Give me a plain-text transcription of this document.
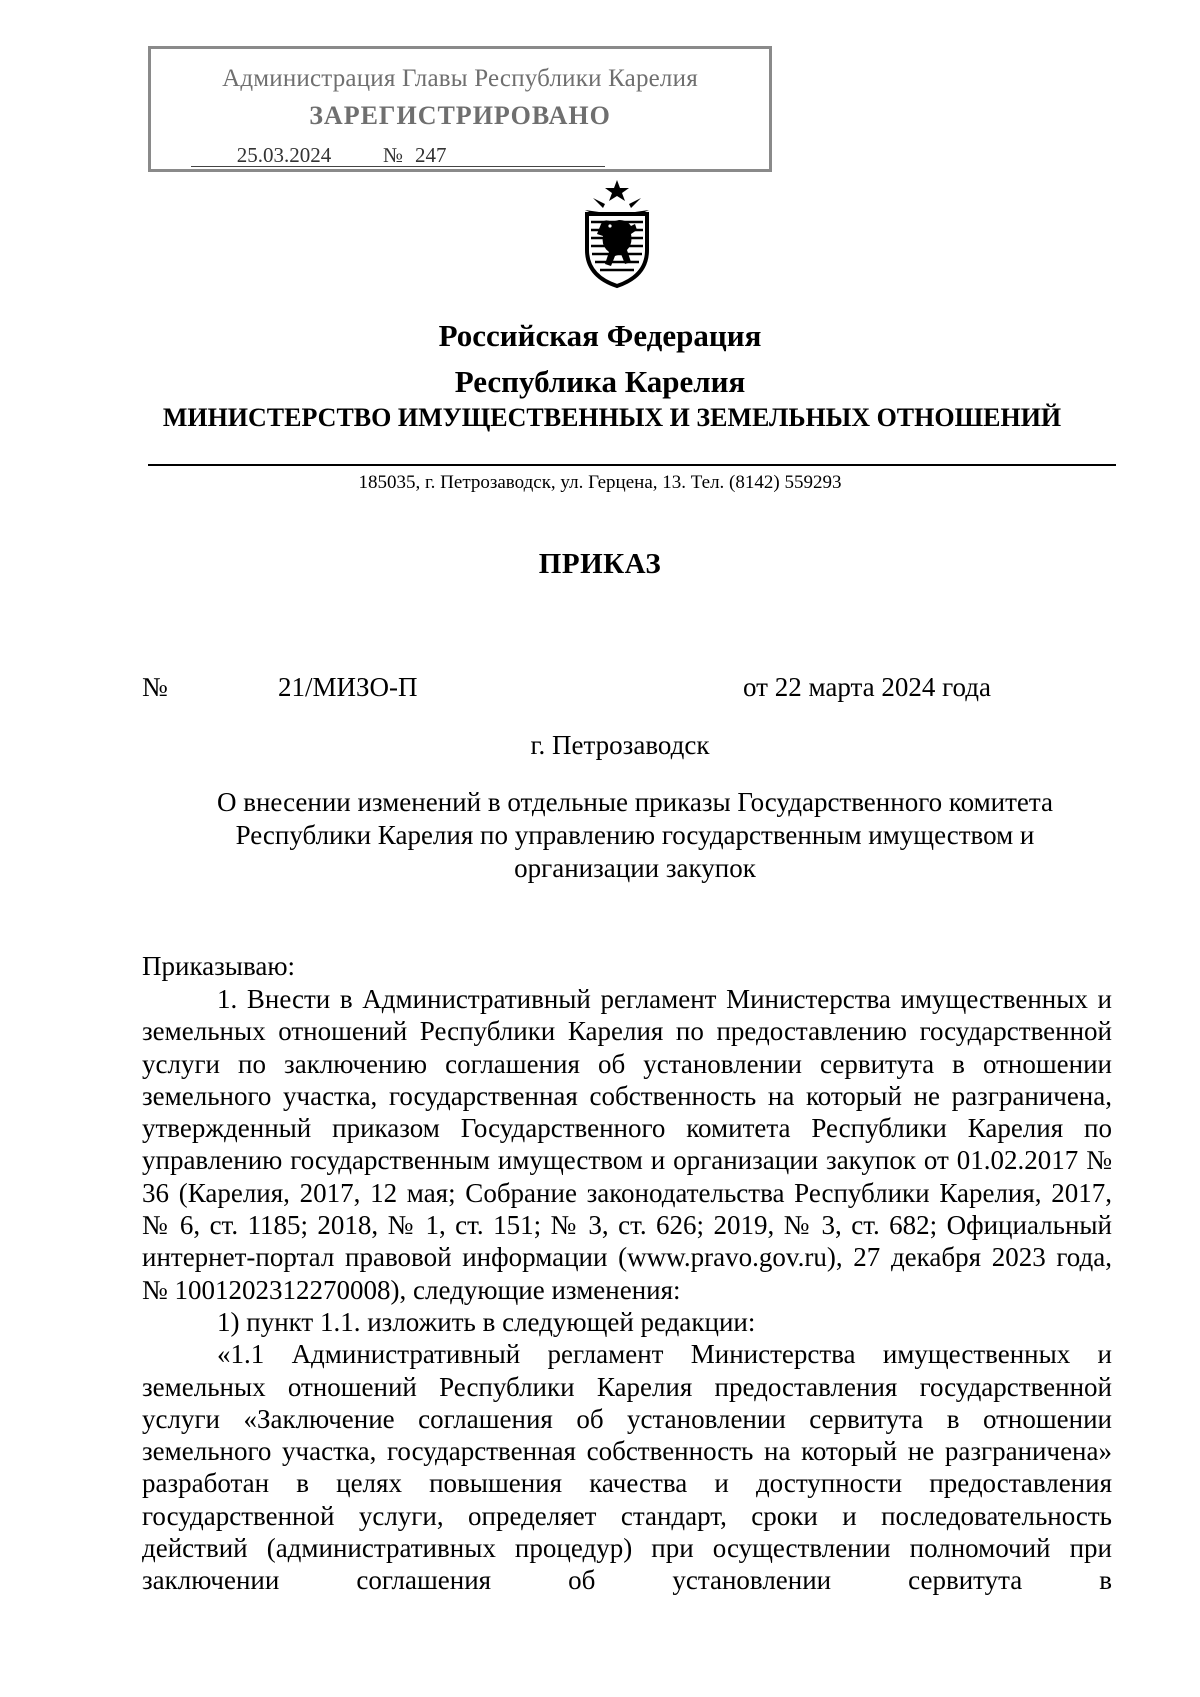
Администрация Главы Республики Карелия
ЗАРЕГИСТРИРОВАНО
25.03.2024 № 247
Российская Федерация
Республика Карелия
МИНИСТЕРСТВО ИМУЩЕСТВЕННЫХ И ЗЕМЕЛЬНЫХ ОТНОШЕНИЙ
185035, г. Петрозаводск, ул. Герцена, 13. Тел. (8142) 559293
ПРИКАЗ
№	21/МИЗО-П	от 22 марта 2024 года
г. Петрозаводск
О внесении изменений в отдельные приказы Государственного комитета
Республики Карелия по управлению государственным имуществом и
организации закупок
Приказываю:

1. Внести в Административный регламент Министерства имущественных и земельных отношений Республики Карелия по предоставлению государственной услуги по заключению соглашения об установлении сервитута в отношении земельного участка, государственная собственность на который не разграничена, утвержденный приказом Государственного комитета Республики Карелия по управлению государственным имуществом и организации закупок от 01.02.2017 № 36 (Карелия, 2017, 12 мая; Собрание законодательства Республики Карелия, 2017, № 6, ст. 1185; 2018, № 1, ст. 151; № 3, ст. 626; 2019, № 3, ст. 682; Официальный интернет-портал правовой информации (www.pravo.gov.ru), 27 декабря 2023 года, № 1001202312270008), следующие изменения:

1) пункт 1.1. изложить в следующей редакции:

«1.1 Административный регламент Министерства имущественных и земельных отношений Республики Карелия предоставления государственной услуги «Заключение соглашения об установлении сервитута в отношении земельного участка, государственная собственность на который не разграничена» разработан в целях повышения качества и доступности предоставления государственной услуги, определяет стандарт, сроки и последовательность действий (административных процедур) при осуществлении полномочий при заключении соглашения об установлении сервитута в
